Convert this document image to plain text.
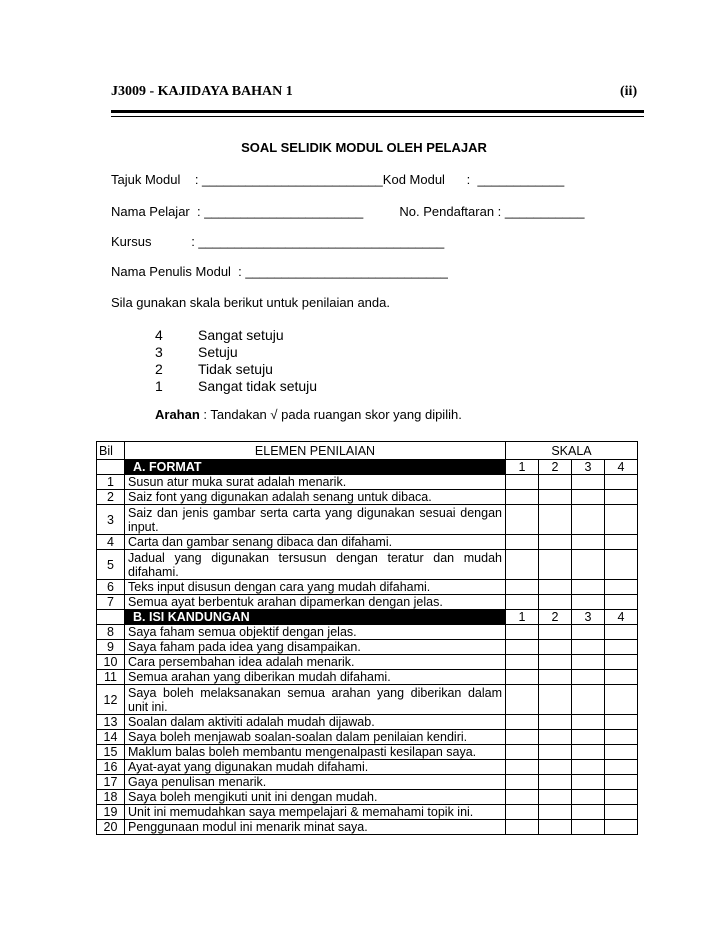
J3009 - KAJIDAYA BAHAN 1	(ii)
SOAL SELIDIK MODUL OLEH PELAJAR
Tajuk Modul    : _________________________Kod Modul      :  ____________
Nama Pelajar  : ______________________          No. Pendaftaran : ___________
Kursus           : __________________________________
Nama Penulis Modul  : ____________________________
Sila gunakan skala berikut untuk penilaian anda.
4	Sangat setuju
3	Setuju
2	Tidak setuju
1	Sangat tidak setuju
Arahan : Tandakan √ pada ruangan skor yang dipilih.
Bil	ELEMEN PENILAIAN	SKALA			
	A. FORMAT	1	2	3	4
1	Susun atur muka surat adalah menarik.				
2	Saiz font yang digunakan adalah senang untuk dibaca.				
3	Saiz dan jenis gambar serta carta yang digunakan sesuai dengan input.				
4	Carta dan gambar senang dibaca dan difahami.				
5	Jadual yang digunakan tersusun dengan teratur dan mudah difahami.				
6	Teks input disusun dengan cara yang mudah difahami.				
7	Semua ayat berbentuk arahan dipamerkan dengan jelas.				
	B. ISI KANDUNGAN	1	2	3	4
8	Saya faham semua objektif dengan jelas.				
9	Saya faham pada idea yang disampaikan.				
10	Cara persembahan idea adalah menarik.				
11	Semua arahan yang diberikan mudah difahami.				
12	Saya boleh melaksanakan semua arahan yang diberikan dalam unit ini.				
13	Soalan dalam aktiviti adalah mudah dijawab.				
14	Saya boleh menjawab soalan-soalan dalam penilaian kendiri.				
15	Maklum balas boleh membantu mengenalpasti kesilapan saya.				
16	Ayat-ayat yang digunakan mudah difahami.				
17	Gaya penulisan menarik.				
18	Saya boleh mengikuti unit ini dengan mudah.				
19	Unit ini memudahkan saya mempelajari & memahami topik ini.				
20	Penggunaan modul ini menarik minat saya.				
